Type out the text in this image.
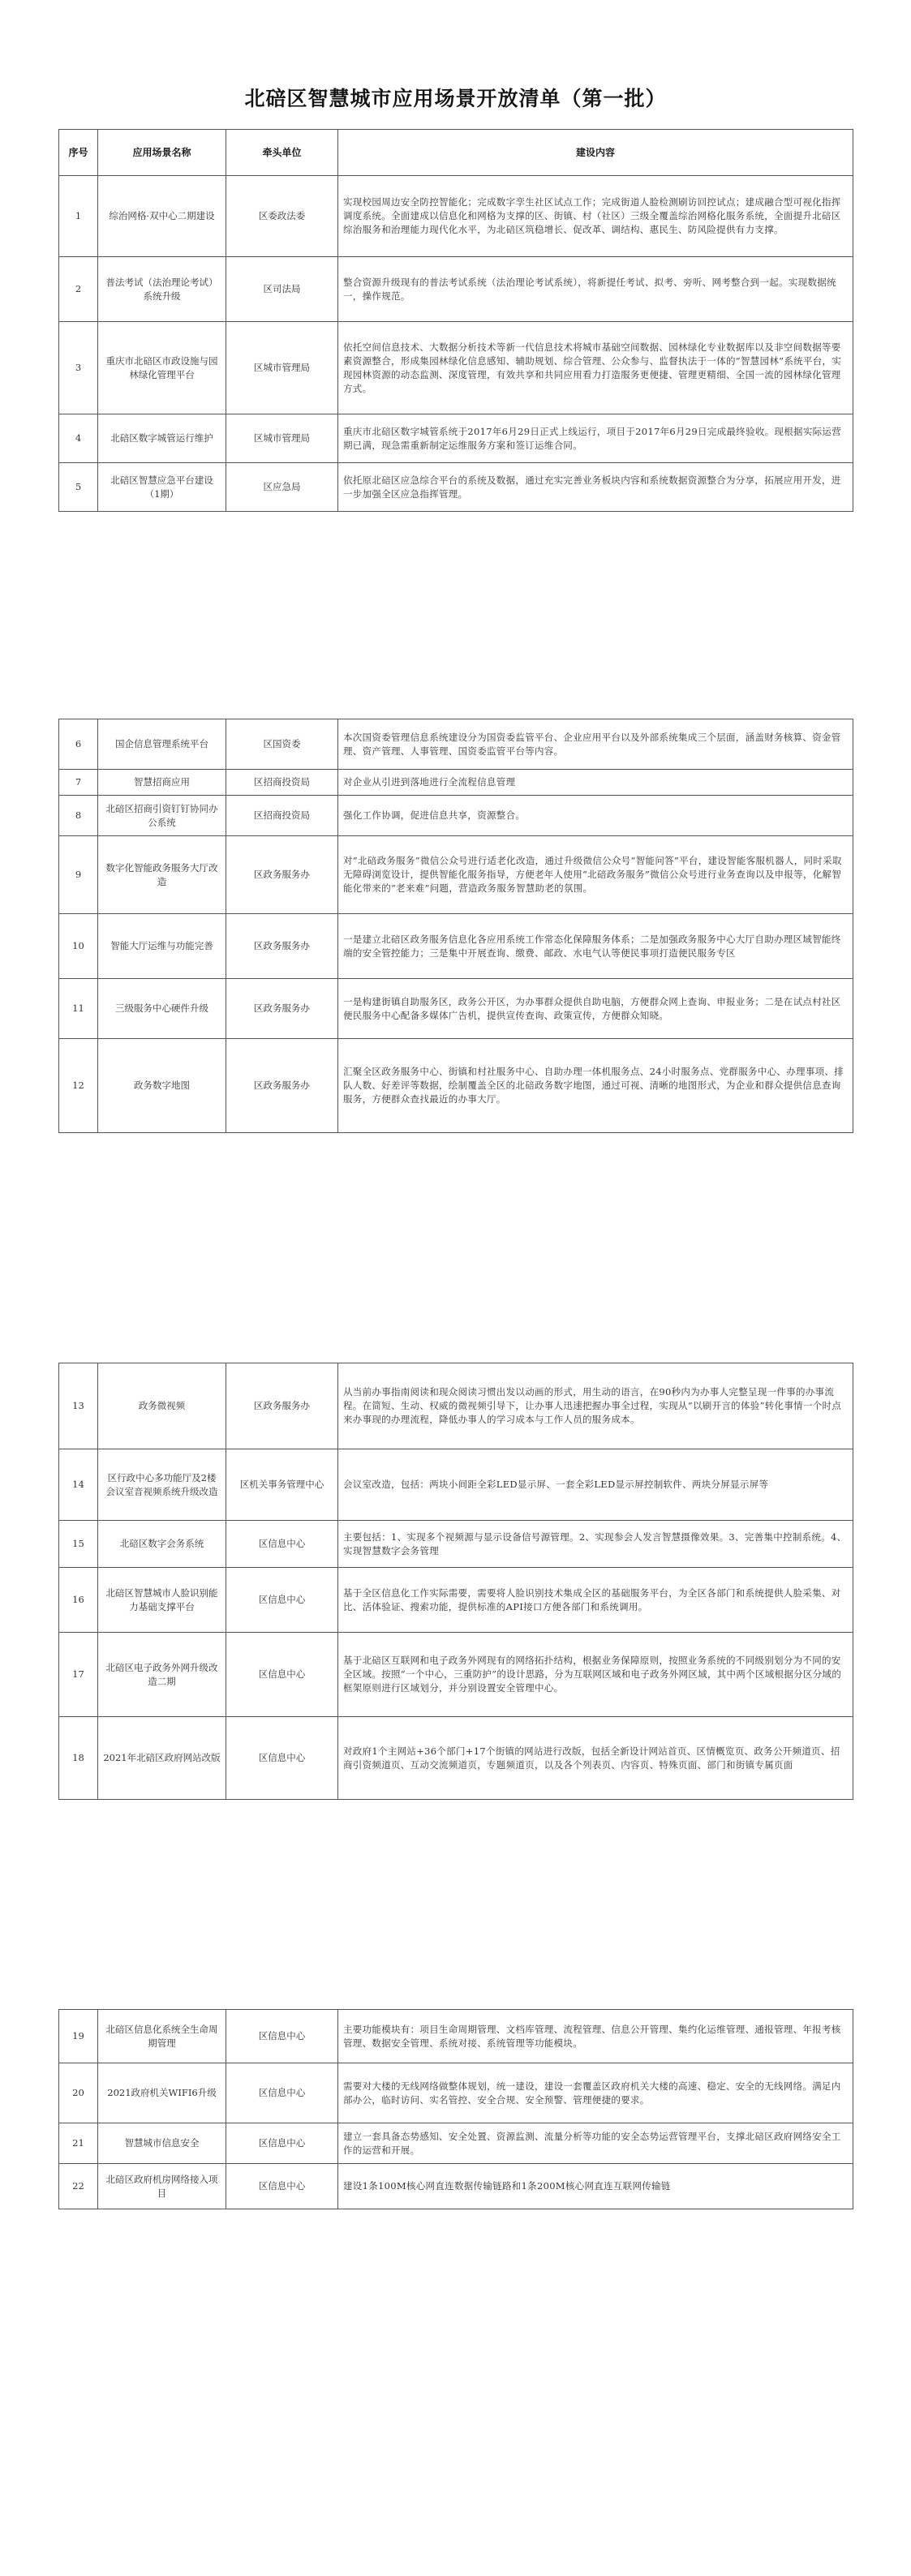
北碚区智慧城市应用场景开放清单（第一批）
序号	应用场景名称	牵头单位	建设内容
1	综治网格·双中心二期建设	区委政法委	实现校园周边安全防控智能化；完成数字孪生社区试点工作；完成街道人脸检测刷访回控试点；建成融合型可视化指挥调度系统。全面建成以信息化和网格为支撑的区、街镇、村（社区）三级全覆盖综治网格化服务系统，全面提升北碚区综治服务和治理能力现代化水平，为北碚区筑稳增长、促改革、调结构、惠民生、防风险提供有力支撑。
2	普法考试（法治理论考试）系统升级	区司法局	整合资源升级现有的普法考试系统（法治理论考试系统），将新提任考试、拟考、旁听、网考整合到一起。实现数据统一，操作规范。
3	重庆市北碚区市政设施与园林绿化管理平台	区城市管理局	依托空间信息技术、大数据分析技术等新一代信息技术将城市基础空间数据、园林绿化专业数据库以及非空间数据等要素资源整合，形成集园林绿化信息感知、辅助规划、综合管理、公众参与、监督执法于一体的“智慧园林”系统平台，实现园林资源的动态监测、深度管理，有效共享和共同应用看力打造服务更便捷、管理更精细、全国一流的园林绿化管理方式。
4	北碚区数字城管运行维护	区城市管理局	重庆市北碚区数字城管系统于2017年6月29日正式上线运行，项目于2017年6月29日完成最终验收。现根据实际运营期已满，现急需重新制定运维服务方案和签订运维合同。
5	北碚区智慧应急平台建设（1期）	区应急局	依托原北碚区应急综合平台的系统及数据，通过充实完善业务板块内容和系统数据资源整合为分享，拓展应用开发，进一步加强全区应急指挥管理。
6	国企信息管理系统平台	区国资委	本次国资委管理信息系统建设分为国资委监管平台、企业应用平台以及外部系统集成三个层面，涵盖财务核算、资金管理、资产管理、人事管理、国资委监管平台等内容。
7	智慧招商应用	区招商投资局	对企业从引进到落地进行全流程信息管理
8	北碚区招商引资钉钉协同办公系统	区招商投资局	强化工作协调，促进信息共享，资源整合。
9	数字化智能政务服务大厅改造	区政务服务办	对“北碚政务服务”微信公众号进行适老化改造，通过升级微信公众号“智能问答”平台，建设智能客服机器人，同时采取无障碍浏览设计，提供智能化服务指导，方便老年人使用“北碚政务服务”微信公众号进行业务查询以及申报等，化解智能化带来的“老来难”问题，营造政务服务智慧助老的氛围。
10	智能大厅运维与功能完善	区政务服务办	一是建立北碚区政务服务信息化各应用系统工作常态化保障服务体系；二是加强政务服务中心大厅自助办理区域智能终端的安全管控能力；三是集中开展查询、缴费、邮政、水电气认等便民事项打造便民服务专区
11	三级服务中心硬件升级	区政务服务办	一是构建街镇自助服务区，政务公开区，为办事群众提供自助电脑，方便群众网上查询、申报业务；二是在试点村社区便民服务中心配备多媒体广告机，提供宣传查询、政策宣传，方便群众知晓。
12	政务数字地图	区政务服务办	汇聚全区政务服务中心、街镇和村社服务中心、自助办理一体机服务点、24小时服务点、党群服务中心、办理事项、排队人数、好差评等数据，绘制覆盖全区的北碚政务数字地图，通过可视、清晰的地图形式，为企业和群众提供信息查询服务，方便群众查找最近的办事大厅。
13	政务微视频	区政务服务办	从当前办事指南阅读和现众阅读习惯出发以动画的形式，用生动的语言，在90秒内为办事人完整呈现一件事的办事流程。在简短、生动、权威的微视频引导下，让办事人迅速把握办事全过程，实现从“以刷开言的体验”转化事情一个时点来办事现的办理流程，降低办事人的学习成本与工作人员的服务成本。
14	区行政中心多功能厅及2楼会议室音视频系统升级改造	区机关事务管理中心	会议室改造，包括：两块小间距全彩LED显示屏、一套全彩LED显示屏控制软件、两块分屏显示屏等
15	北碚区数字会务系统	区信息中心	主要包括：1、实现多个视频源与显示设备信号源管理。2、实现参会人发言智慧摄像效果。3、完善集中控制系统。4、实现智慧数字会务管理
16	北碚区智慧城市人脸识别能力基础支撑平台	区信息中心	基于全区信息化工作实际需要，需要将人脸识别技术集成全区的基础服务平台，为全区各部门和系统提供人脸采集、对比、活体验证、搜索功能，提供标准的API接口方便各部门和系统调用。
17	北碚区电子政务外网升级改造二期	区信息中心	基于北碚区互联网和电子政务外网现有的网络拓扑结构，根据业务保障原则，按照业务系统的不同级别划分为不同的安全区域。按照“一个中心，三重防护”的设计思路，分为互联网区域和电子政务外网区域，其中两个区域根据分区分域的框架原则进行区域划分，并分别设置安全管理中心。
18	2021年北碚区政府网站改版	区信息中心	对政府1个主网站+36个部门+17个街镇的网站进行改版，包括全新设计网站首页、区情概览页、政务公开频道页、招商引资频道页、互动交流频道页，专题频道页，以及各个列表页、内容页、特殊页面、部门和街镇专属页面
19	北碚区信息化系统全生命周期管理	区信息中心	主要功能模块有：项目生命周期管理、文档库管理、流程管理、信息公开管理、集约化运维管理、通报管理、年报考核管理、数据安全管理、系统对接、系统管理等功能模块。
20	2021政府机关WIFI6升级	区信息中心	需要对大楼的无线网络做整体规划，统一建设，建设一套覆盖区政府机关大楼的高速、稳定、安全的无线网络。满足内部办公，临时访问、实名管控、安全合规、安全预警、管理便捷的要求。
21	智慧城市信息安全	区信息中心	建立一套具备态势感知、安全处置、资源监测、流量分析等功能的安全态势运营管理平台，支撑北碚区政府网络安全工作的运营和开展。
22	北碚区政府机房网络接入项目	区信息中心	建设1条100M核心网直连数据传输链路和1条200M核心网直连互联网传输链
